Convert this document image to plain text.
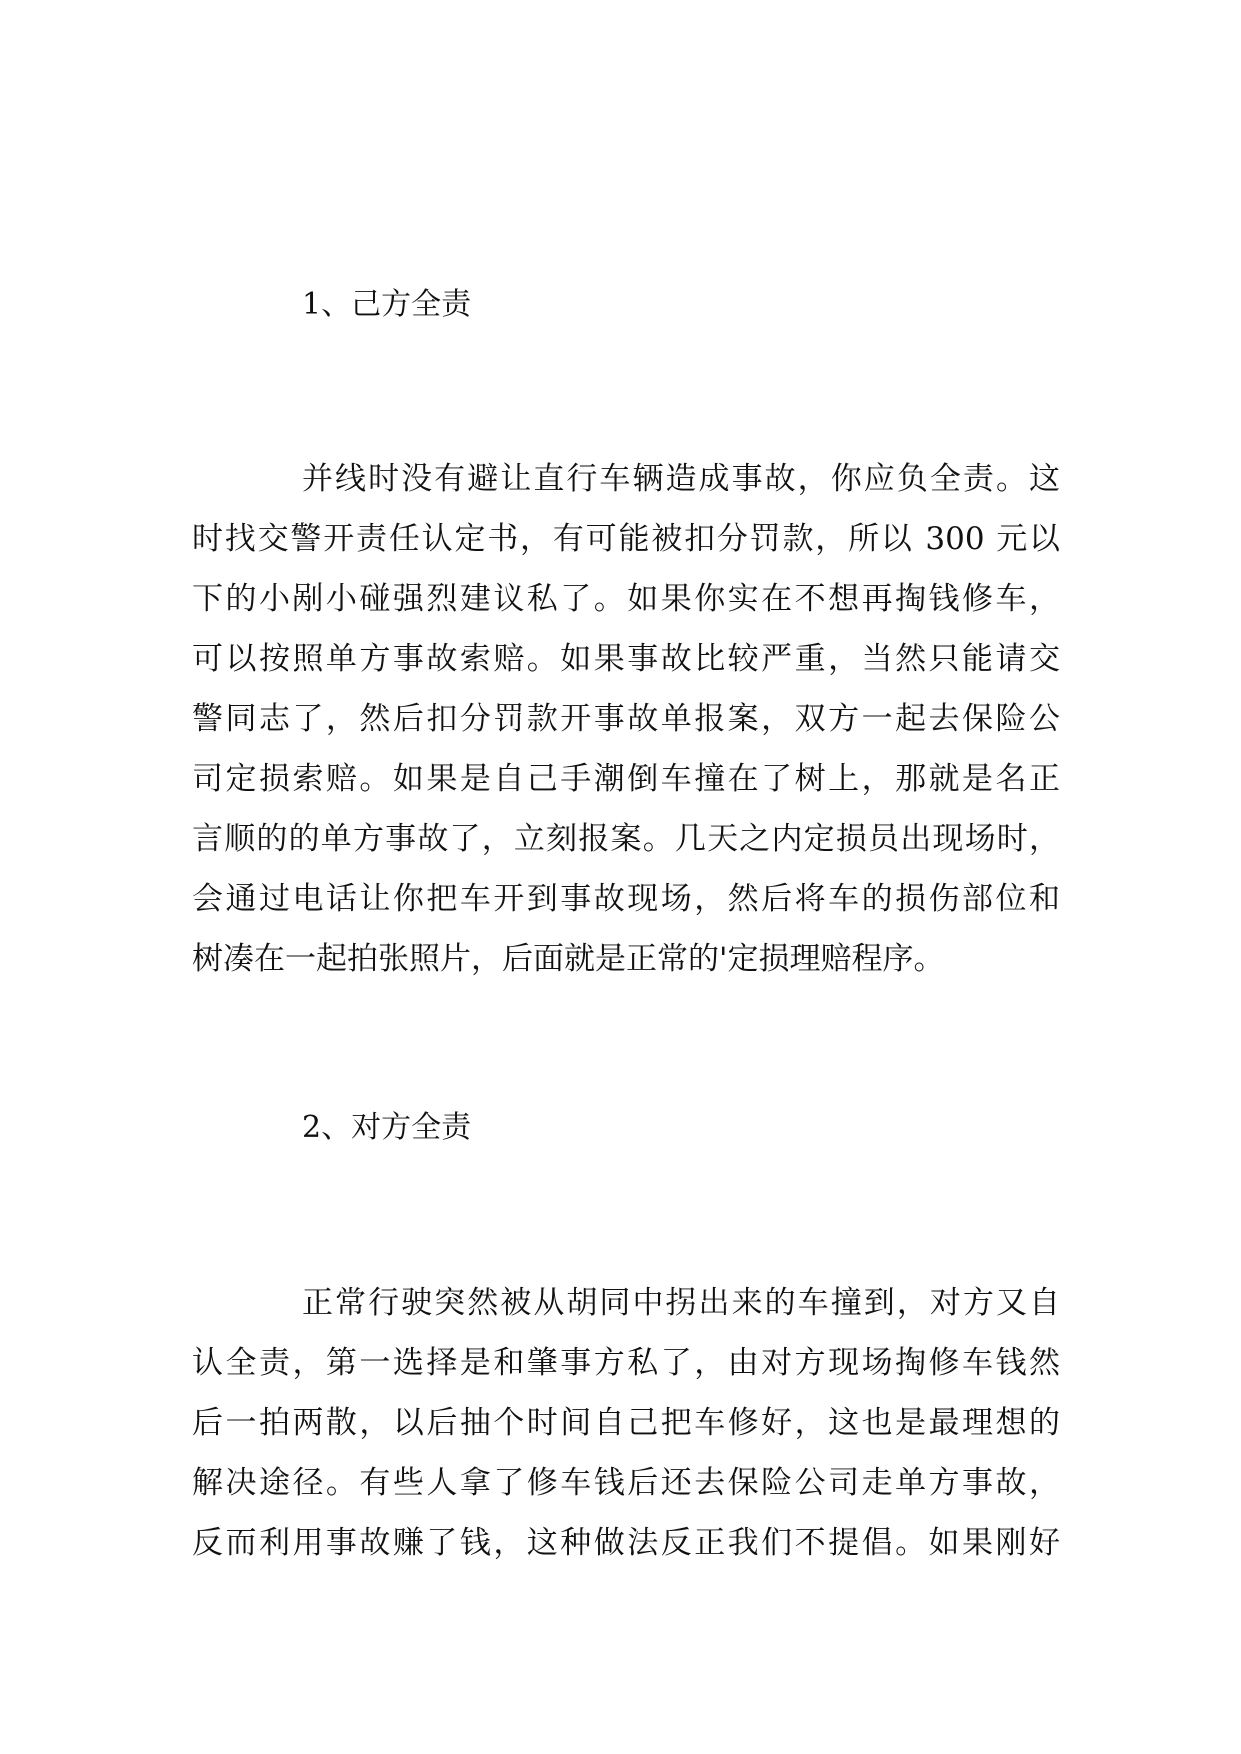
1、己方全责
并线时没有避让直行车辆造成事故，你应负全责。这
时找交警开责任认定书，有可能被扣分罚款，所以 300 元以
下的小剐小碰强烈建议私了。如果你实在不想再掏钱修车，
可以按照单方事故索赔。如果事故比较严重，当然只能请交
警同志了，然后扣分罚款开事故单报案，双方一起去保险公
司定损索赔。如果是自己手潮倒车撞在了树上，那就是名正
言顺的的单方事故了，立刻报案。几天之内定损员出现场时，
会通过电话让你把车开到事故现场，然后将车的损伤部位和
树凑在一起拍张照片，后面就是正常的'定损理赔程序。
2、对方全责
正常行驶突然被从胡同中拐出来的车撞到，对方又自
认全责，第一选择是和肇事方私了，由对方现场掏修车钱然
后一拍两散，以后抽个时间自己把车修好，这也是最理想的
解决途径。有些人拿了修车钱后还去保险公司走单方事故，
反而利用事故赚了钱，这种做法反正我们不提倡。如果刚好
